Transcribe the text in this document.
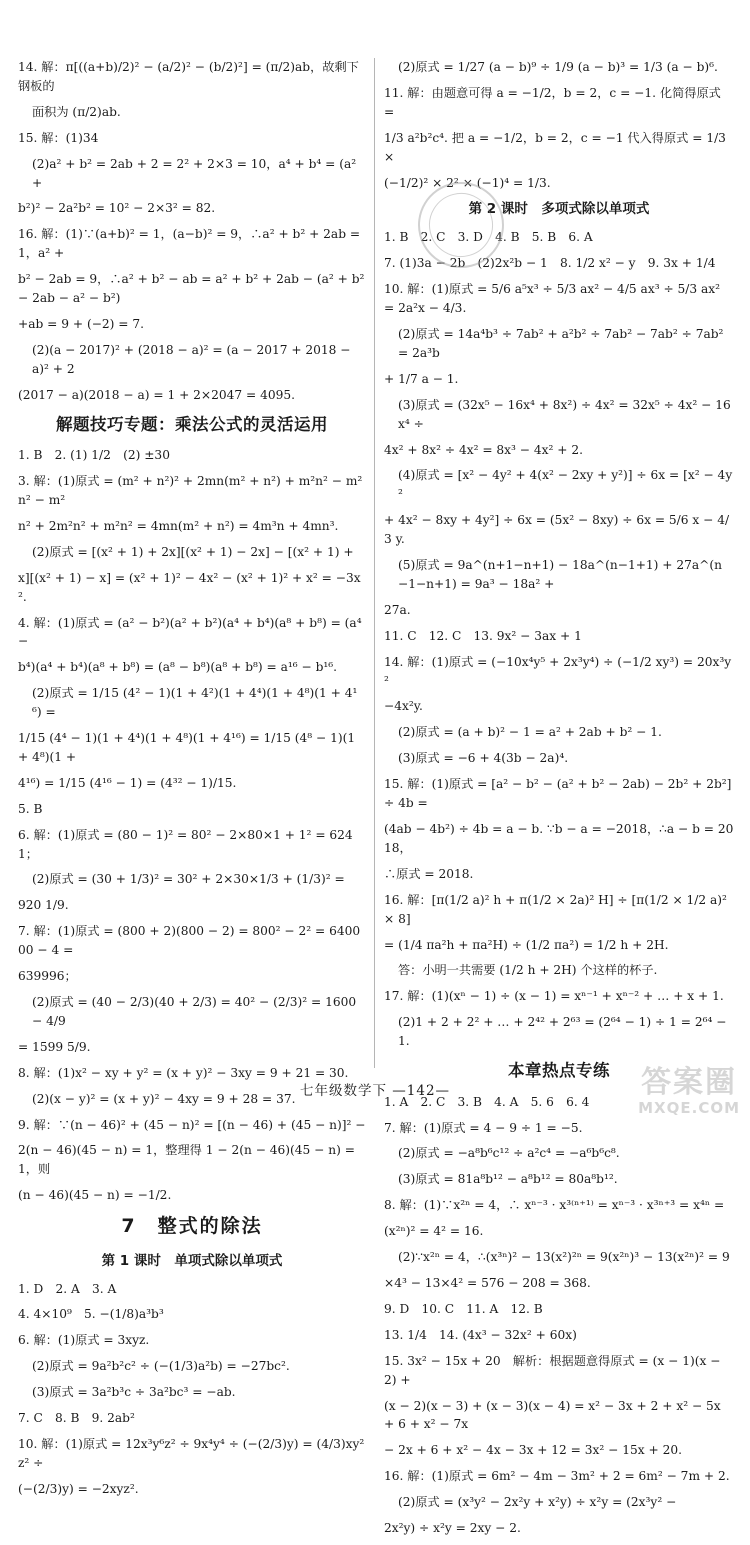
14. 解：π[((a+b)/2)² − (a/2)² − (b/2)²] = (π/2)ab，故剩下钢板的
面积为 (π/2)ab.
15. 解：(1)34
(2)a² + b² = 2ab + 2 = 2² + 2×3 = 10，a⁴ + b⁴ = (a² +
b²)² − 2a²b² = 10² − 2×3² = 82.
16. 解：(1)∵(a+b)² = 1，(a−b)² = 9，∴a² + b² + 2ab = 1，a² +
b² − 2ab = 9，∴a² + b² − ab = a² + b² + 2ab − (a² + b² − 2ab − a² − b²)
+ab = 9 + (−2) = 7.
(2)(a − 2017)² + (2018 − a)² = (a − 2017 + 2018 − a)² + 2
(2017 − a)(2018 − a) = 1 + 2×2047 = 4095.
解题技巧专题：乘法公式的灵活运用
1. B　2. (1) 1/2　(2) ±30
3. 解：(1)原式 = (m² + n²)² + 2mn(m² + n²) + m²n² − m²n² − m²
n² + 2m²n² + m²n² = 4mn(m² + n²) = 4m³n + 4mn³.
(2)原式 = [(x² + 1) + 2x][(x² + 1) − 2x] − [(x² + 1) +
x][(x² + 1) − x] = (x² + 1)² − 4x² − (x² + 1)² + x² = −3x².
4. 解：(1)原式 = (a² − b²)(a² + b²)(a⁴ + b⁴)(a⁸ + b⁸) = (a⁴ −
b⁴)(a⁴ + b⁴)(a⁸ + b⁸) = (a⁸ − b⁸)(a⁸ + b⁸) = a¹⁶ − b¹⁶.
(2)原式 = 1/15 (4² − 1)(1 + 4²)(1 + 4⁴)(1 + 4⁸)(1 + 4¹⁶) =
1/15 (4⁴ − 1)(1 + 4⁴)(1 + 4⁸)(1 + 4¹⁶) = 1/15 (4⁸ − 1)(1 + 4⁸)(1 +
4¹⁶) = 1/15 (4¹⁶ − 1) = (4³² − 1)/15.
5. B
6. 解：(1)原式 = (80 − 1)² = 80² − 2×80×1 + 1² = 6241；
(2)原式 = (30 + 1/3)² = 30² + 2×30×1/3 + (1/3)² =
920 1/9.
7. 解：(1)原式 = (800 + 2)(800 − 2) = 800² − 2² = 640000 − 4 =
639996；
(2)原式 = (40 − 2/3)(40 + 2/3) = 40² − (2/3)² = 1600 − 4/9
= 1599 5/9.
8. 解：(1)x² − xy + y² = (x + y)² − 3xy = 9 + 21 = 30.
(2)(x − y)² = (x + y)² − 4xy = 9 + 28 = 37.
9. 解：∵(n − 46)² + (45 − n)² = [(n − 46) + (45 − n)]² −
2(n − 46)(45 − n) = 1，整理得 1 − 2(n − 46)(45 − n) = 1，则
(n − 46)(45 − n) = −1/2.
7　整式的除法
第 1 课时　单项式除以单项式
1. D　2. A　3. A
4. 4×10⁹　5. −(1/8)a³b³
6. 解：(1)原式 = 3xyz.
(2)原式 = 9a²b²c² ÷ (−(1/3)a²b) = −27bc².
(3)原式 = 3a²b³c ÷ 3a²bc³ = −ab.
7. C　8. B　9. 2ab²
10. 解：(1)原式 = 12x³y⁶z² ÷ 9x⁴y⁴ ÷ (−(2/3)y) = (4/3)xy²z² ÷
(−(2/3)y) = −2xyz².
(2)原式 = 1/27 (a − b)⁹ ÷ 1/9 (a − b)³ = 1/3 (a − b)⁶.
11. 解：由题意可得 a = −1/2，b = 2，c = −1. 化简得原式 =
1/3 a²b²c⁴. 把 a = −1/2，b = 2，c = −1 代入得原式 = 1/3 ×
(−1/2)² × 2² × (−1)⁴ = 1/3.
第 2 课时　多项式除以单项式
1. B　2. C　3. D　4. B　5. B　6. A
7. (1)3a − 2b　(2)2x²b − 1　8. 1/2 x² − y　9. 3x + 1/4
10. 解：(1)原式 = 5/6 a⁵x³ ÷ 5/3 ax² − 4/5 ax³ ÷ 5/3 ax² = 2a²x − 4/3.
(2)原式 = 14a⁴b³ ÷ 7ab² + a²b² ÷ 7ab² − 7ab² ÷ 7ab² = 2a³b
+ 1/7 a − 1.
(3)原式 = (32x⁵ − 16x⁴ + 8x²) ÷ 4x² = 32x⁵ ÷ 4x² − 16x⁴ ÷
4x² + 8x² ÷ 4x² = 8x³ − 4x² + 2.
(4)原式 = [x² − 4y² + 4(x² − 2xy + y²)] ÷ 6x = [x² − 4y²
+ 4x² − 8xy + 4y²] ÷ 6x = (5x² − 8xy) ÷ 6x = 5/6 x − 4/3 y.
(5)原式 = 9a^(n+1−n+1) − 18a^(n−1+1) + 27a^(n−1−n+1) = 9a³ − 18a² +
27a.
11. C　12. C　13. 9x² − 3ax + 1
14. 解：(1)原式 = (−10x⁴y⁵ + 2x³y⁴) ÷ (−1/2 xy³) = 20x³y²
−4x²y.
(2)原式 = (a + b)² − 1 = a² + 2ab + b² − 1.
(3)原式 = −6 + 4(3b − 2a)⁴.
15. 解：(1)原式 = [a² − b² − (a² + b² − 2ab) − 2b² + 2b²] ÷ 4b =
(4ab − 4b²) ÷ 4b = a − b. ∵b − a = −2018，∴a − b = 2018，
∴原式 = 2018.
16. 解：[π(1/2 a)² h + π(1/2 × 2a)² H] ÷ [π(1/2 × 1/2 a)² × 8]
= (1/4 πa²h + πa²H) ÷ (1/2 πa²) = 1/2 h + 2H.
答：小明一共需要 (1/2 h + 2H) 个这样的杯子.
17. 解：(1)(xⁿ − 1) ÷ (x − 1) = xⁿ⁻¹ + xⁿ⁻² + … + x + 1.
(2)1 + 2 + 2² + … + 2⁴² + 2⁶³ = (2⁶⁴ − 1) ÷ 1 = 2⁶⁴ − 1.
本章热点专练
1. A　2. C　3. B　4. A　5. 6　6. 4
7. 解：(1)原式 = 4 − 9 ÷ 1 = −5.
(2)原式 = −a⁸b⁶c¹² ÷ a²c⁴ = −a⁶b⁶c⁸.
(3)原式 = 81a⁸b¹² − a⁸b¹² = 80a⁸b¹².
8. 解：(1)∵x²ⁿ = 4，∴ xⁿ⁻³ · x³⁽ⁿ⁺¹⁾ = xⁿ⁻³ · x³ⁿ⁺³ = x⁴ⁿ =
(x²ⁿ)² = 4² = 16.
(2)∵x²ⁿ = 4，∴(x³ⁿ)² − 13(x²)²ⁿ = 9(x²ⁿ)³ − 13(x²ⁿ)² = 9
×4³ − 13×4² = 576 − 208 = 368.
9. D　10. C　11. A　12. B
13. 1/4　14. (4x³ − 32x² + 60x)
15. 3x² − 15x + 20　解析：根据题意得原式 = (x − 1)(x − 2) +
(x − 2)(x − 3) + (x − 3)(x − 4) = x² − 3x + 2 + x² − 5x + 6 + x² − 7x
− 2x + 6 + x² − 4x − 3x + 12 = 3x² − 15x + 20.
16. 解：(1)原式 = 6m² − 4m − 3m² + 2 = 6m² − 7m + 2.
(2)原式 = (x³y² − 2x²y + x²y) ÷ x²y = (2x³y² −
2x²y) ÷ x²y = 2xy − 2.
七年级数学下 —142—	答案圈
MXQE.COM
